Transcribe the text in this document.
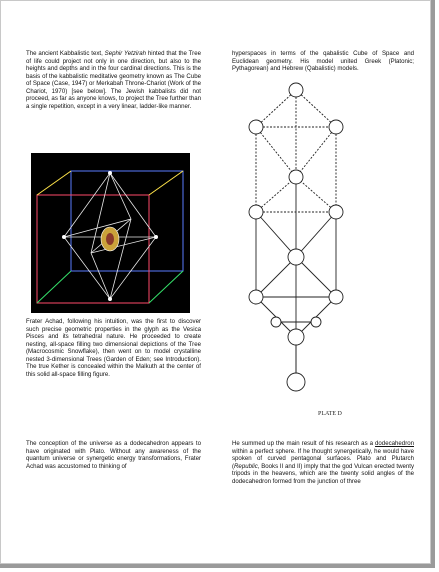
The ancient Kabbalistic text, Sephir Yetzirah hinted that the Tree of life could project not only in one direction, but also to the heights and depths and in the four cardinal directions. This is the basis of the kabbalistic meditative geometry known as The Cube of Space (Case, 1947) or Merkabah Throne-Chariot (Work of the Chariot, 1970) [see below]. The Jewish kabbalists did not proceed, as far as anyone knows, to project the Tree further than a single repetition, except in a very linear, ladder-like manner.

Frater Achad, following his intuition, was the first to discover such precise geometric properties in the glyph as the Vesica Pisces and its tetrahedral nature. He proceeded to create nesting, all-space filling two dimensional depictions of the Tree (Macrocosmic Snowflake), then went on to model crystalline nested 3-dimensional Trees (Garden of Eden; see Introduction). The true Kether is concealed within the Malkuth at the center of this solid all-space filling figure.

The conception of the universe as a dodecahedron appears to have originated with Plato. Without any awareness of the quantum universe or synergetic energy transformations, Frater Achad was accustomed to thinking of

hyperspaces in terms of the qabalistic Cube of Space and Euclidean geometry. His model united Greek (Platonic; Pythagorean) and Hebrew (Qabalistic) models.

PLATE D

He summed up the main result of his research as a dodecahedron within a perfect sphere. If he thought synergetically, he would have spoken of curved pentagonal surfaces. Plato and Plutarch (Republic, Books II and II) imply that the god Vulcan erected twenty tripods in the heavens, which are the twenty solid angles of the dodecahedron formed from the junction of three
